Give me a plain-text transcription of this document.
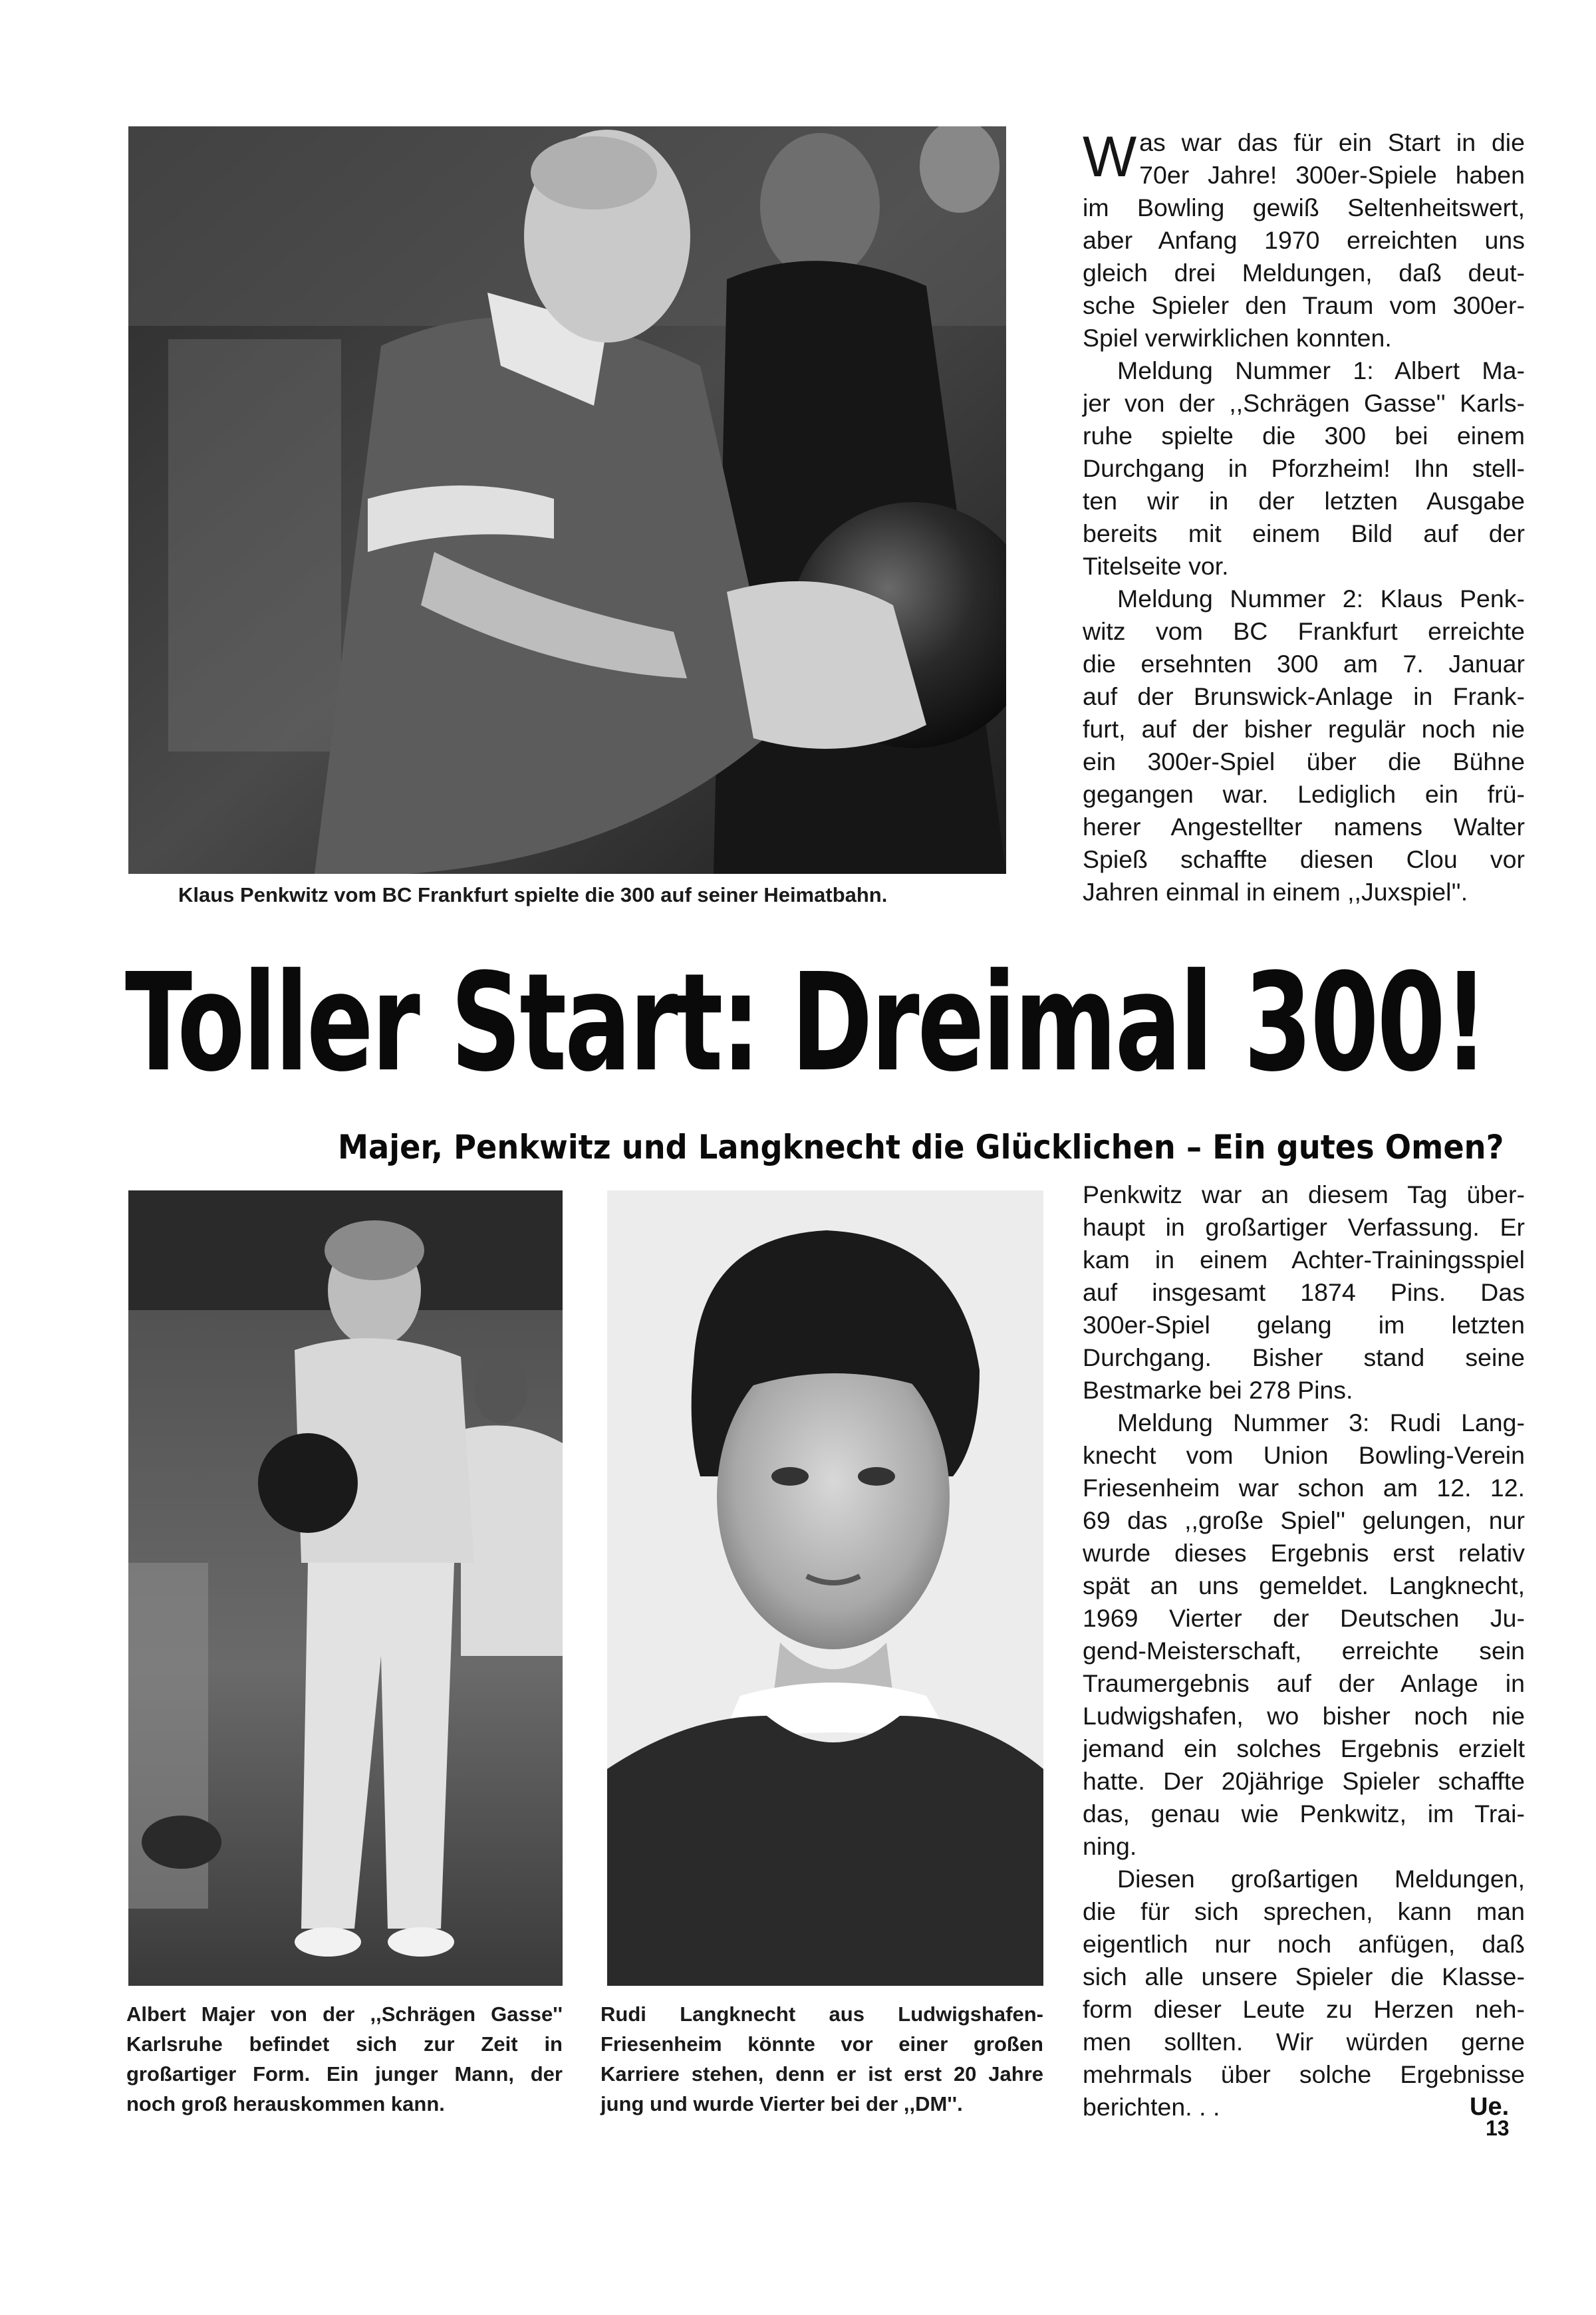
Klaus Penkwitz vom BC Frankfurt spielte die 300 auf seiner Heimatbahn.
W as war das für ein Start in die
70er Jahre! 300er-Spiele haben
im Bowling gewiß Seltenheitswert,
aber Anfang 1970 erreichten uns
gleich drei Meldungen, daß deut-
sche Spieler den Traum vom 300er-
Spiel verwirklichen konnten.
Meldung Nummer 1: Albert Ma-
jer von der ,,Schrägen Gasse'' Karls-
ruhe spielte die 300 bei einem
Durchgang in Pforzheim! Ihn stell-
ten wir in der letzten Ausgabe
bereits mit einem Bild auf der
Titelseite vor.
Meldung Nummer 2: Klaus Penk-
witz vom BC Frankfurt erreichte
die ersehnten 300 am 7. Januar
auf der Brunswick-Anlage in Frank-
furt, auf der bisher regulär noch nie
ein 300er-Spiel über die Bühne
gegangen war. Lediglich ein frü-
herer Angestellter namens Walter
Spieß schaffte diesen Clou vor
Jahren einmal in einem ,,Juxspiel''.
Toller Start: Dreimal 300!
Majer, Penkwitz und Langknecht die Glücklichen – Ein gutes Omen?
Albert Majer von der ,,Schrägen Gasse''
Karlsruhe befindet sich zur Zeit in
großartiger Form. Ein junger Mann, der
noch groß herauskommen kann.
Rudi Langknecht aus Ludwigshafen-
Friesenheim könnte vor einer großen
Karriere stehen, denn er ist erst 20 Jahre
jung und wurde Vierter bei der ,,DM''.
Penkwitz war an diesem Tag über-
haupt in großartiger Verfassung. Er
kam in einem Achter-Trainingsspiel
auf insgesamt 1874 Pins. Das
300er-Spiel gelang im letzten
Durchgang. Bisher stand seine
Bestmarke bei 278 Pins.
Meldung Nummer 3: Rudi Lang-
knecht vom Union Bowling-Verein
Friesenheim war schon am 12. 12.
69 das ,,große Spiel'' gelungen, nur
wurde dieses Ergebnis erst relativ
spät an uns gemeldet. Langknecht,
1969 Vierter der Deutschen Ju-
gend-Meisterschaft, erreichte sein
Traumergebnis auf der Anlage in
Ludwigshafen, wo bisher noch nie
jemand ein solches Ergebnis erzielt
hatte. Der 20jährige Spieler schaffte
das, genau wie Penkwitz, im Trai-
ning.
Diesen großartigen Meldungen,
die für sich sprechen, kann man
eigentlich nur noch anfügen, daß
sich alle unsere Spieler die Klasse-
form dieser Leute zu Herzen neh-
men sollten. Wir würden gerne
mehrmals über solche Ergebnisse
berichten. . .	Ue.
13
